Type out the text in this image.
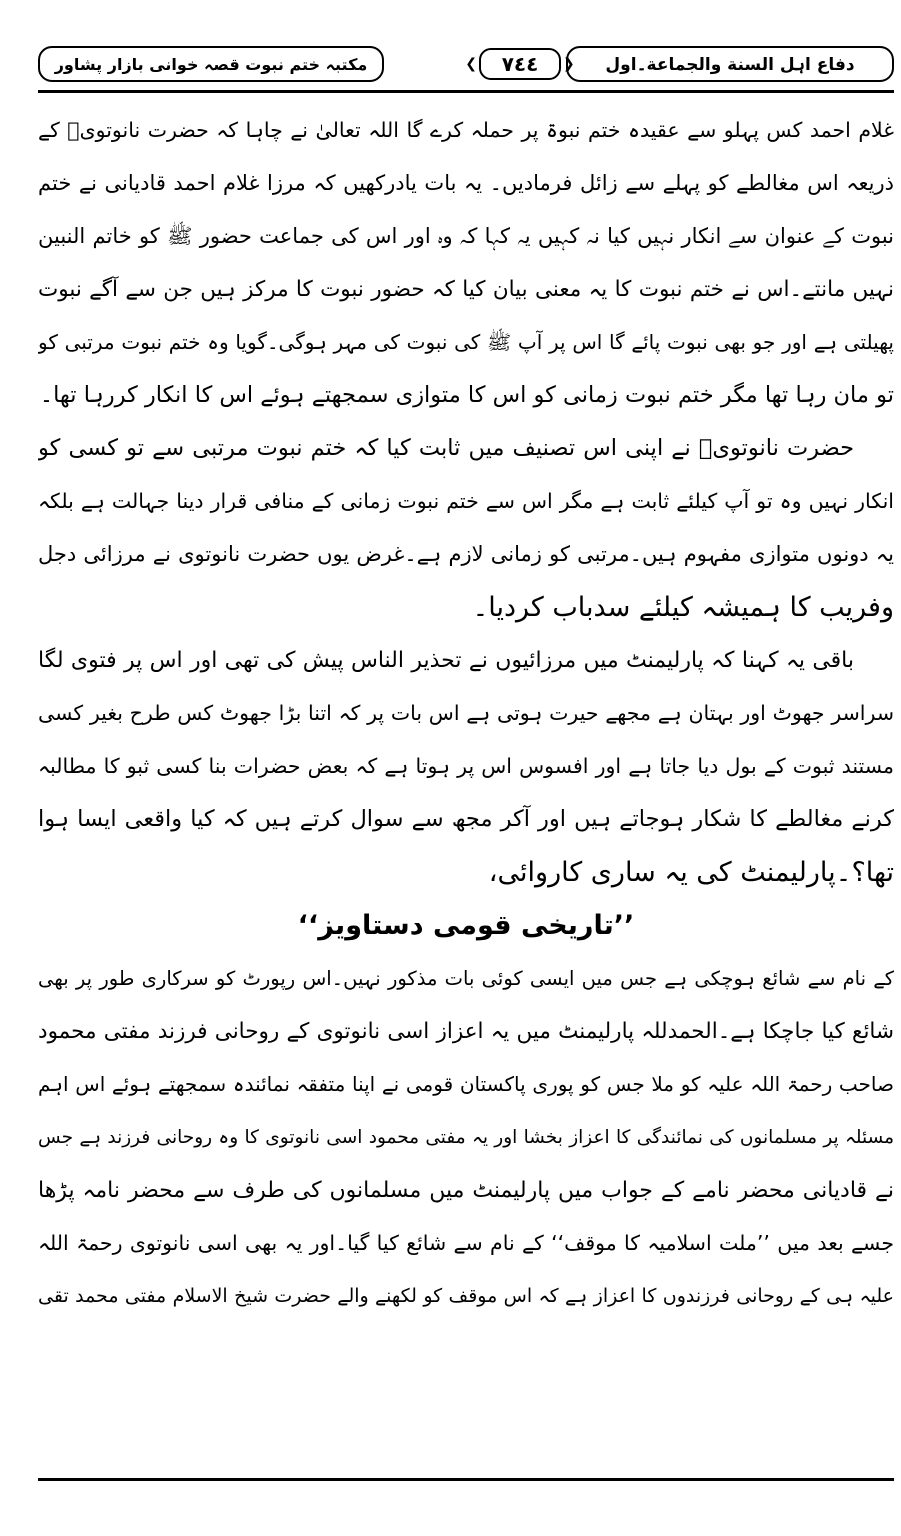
دفاع اہل السنة والجماعة۔اول
❮ ٧٤٤ ❯
مکتبہ ختم نبوت قصہ خوانی بازار پشاور
غلام احمد کس پہلو سے عقیدہ ختم نبوۃ پر حملہ کرے گا اللہ تعالیٰ نے چاہا کہ حضرت نانوتویؒ کے
ذریعہ اس مغالطے کو پہلے سے زائل فرمادیں۔ یہ بات یادرکھیں کہ مرزا غلام احمد قادیانی نے ختم
نبوت کے عنوان سے انکار نہیں کیا نہ کہیں یہ کہا کہ وہ اور اس کی جماعت حضور ﷺ کو خاتم النبین
نہیں مانتے۔اس نے ختم نبوت کا یہ معنی بیان کیا کہ حضور نبوت کا مرکز ہیں جن سے آگے نبوت
پھیلتی ہے اور جو بھی نبوت پائے گا اس پر آپ ﷺ کی نبوت کی مہر ہوگی۔گویا وہ ختم نبوت مرتبی کو
تو مان رہا تھا مگر ختم نبوت زمانی کو اس کا متوازی سمجھتے ہوئے اس کا انکار کررہا تھا۔
حضرت نانوتویؒ نے اپنی اس تصنیف میں ثابت کیا کہ ختم نبوت مرتبی سے تو کسی کو
انکار نہیں وہ تو آپ کیلئے ثابت ہے مگر اس سے ختم نبوت زمانی کے منافی قرار دینا جہالت ہے بلکہ
یہ دونوں متوازی مفہوم ہیں۔مرتبی کو زمانی لازم ہے۔غرض یوں حضرت نانوتوی نے مرزائی دجل
وفریب کا ہمیشہ کیلئے سدباب کردیا۔
باقی یہ کہنا کہ پارلیمنٹ میں مرزائیوں نے تحذیر الناس پیش کی تھی اور اس پر فتوی لگا
سراسر جھوٹ اور بہتان ہے مجھے حیرت ہوتی ہے اس بات پر کہ اتنا بڑا جھوٹ کس طرح بغیر کسی
مستند ثبوت کے بول دیا جاتا ہے اور افسوس اس پر ہوتا ہے کہ بعض حضرات بنا کسی ثبو کا مطالبہ
کرنے مغالطے کا شکار ہوجاتے ہیں اور آکر مجھ سے سوال کرتے ہیں کہ کیا واقعی ایسا ہوا
تھا؟۔پارلیمنٹ کی یہ ساری کاروائی،
’’تاریخی قومی دستاویز‘‘
کے نام سے شائع ہوچکی ہے جس میں ایسی کوئی بات مذکور نہیں۔اس رپورٹ کو سرکاری طور پر بھی
شائع کیا جاچکا ہے۔الحمدللہ پارلیمنٹ میں یہ اعزاز اسی نانوتوی کے روحانی فرزند مفتی محمود
صاحب رحمۃ اللہ علیہ کو ملا جس کو پوری پاکستان قومی نے اپنا متفقہ نمائندہ سمجھتے ہوئے اس اہم
مسئلہ پر مسلمانوں کی نمائندگی کا اعزاز بخشا اور یہ مفتی محمود اسی نانوتوی کا وہ روحانی فرزند ہے جس
نے قادیانی محضر نامے کے جواب میں پارلیمنٹ میں مسلمانوں کی طرف سے محضر نامہ پڑھا
جسے بعد میں ’’ملت اسلامیہ کا موقف‘‘ کے نام سے شائع کیا گیا۔اور یہ بھی اسی نانوتوی رحمۃ اللہ
علیہ ہی کے روحانی فرزندوں کا اعزاز ہے کہ اس موقف کو لکھنے والے حضرت شیخ الاسلام مفتی محمد تقی
